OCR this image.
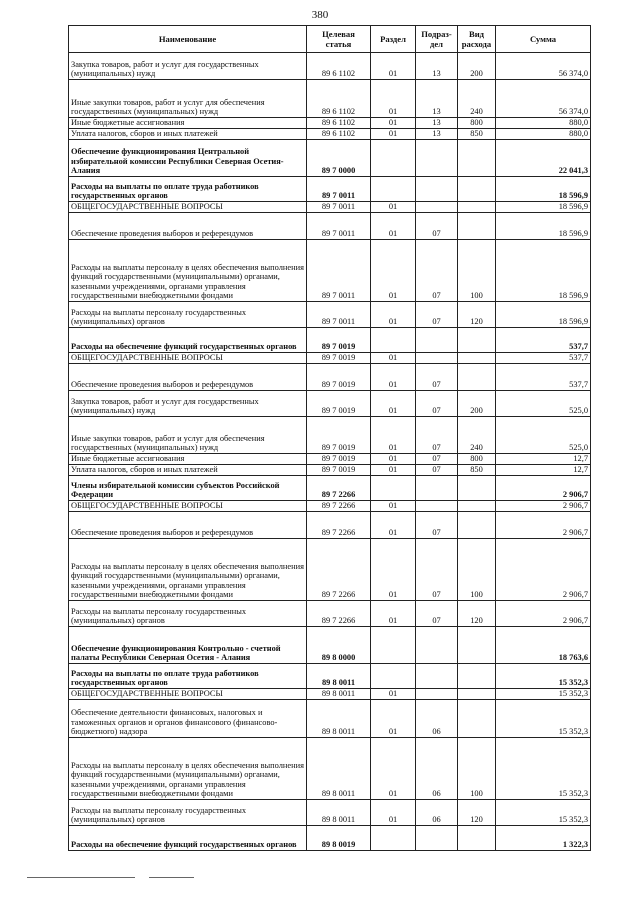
380
Наименование	Целевая статья	Раздел	Подраз-дел	Вид расхода	Сумма
Закупка товаров, работ и услуг для государственных (муниципальных) нужд	89 6 1102	01	13	200	56 374,0
Иные закупки товаров, работ и услуг для обеспечения государственных (муниципальных) нужд	89 6 1102	01	13	240	56 374,0
Иные бюджетные ассигнования	89 6 1102	01	13	800	880,0
Уплата налогов, сборов и иных платежей	89 6 1102	01	13	850	880,0
Обеспечение функционирования Центральной избирательной комиссии Республики Северная Осетия-Алания	89 7 0000				22 041,3
Расходы на выплаты по оплате труда работников государственных органов	89 7 0011				18 596,9
ОБЩЕГОСУДАРСТВЕННЫЕ ВОПРОСЫ	89 7 0011	01			18 596,9
Обеспечение проведения выборов и референдумов	89 7 0011	01	07		18 596,9
Расходы на выплаты персоналу в целях обеспечения выполнения функций государственными (муниципальными) органами, казенными учреждениями, органами управления государственными внебюджетными фондами	89 7 0011	01	07	100	18 596,9
Расходы на выплаты персоналу государственных (муниципальных) органов	89 7 0011	01	07	120	18 596,9
Расходы на обеспечение функций государственных органов	89 7 0019				537,7
ОБЩЕГОСУДАРСТВЕННЫЕ ВОПРОСЫ	89 7 0019	01			537,7
Обеспечение проведения выборов и референдумов	89 7 0019	01	07		537,7
Закупка товаров, работ и услуг для государственных (муниципальных) нужд	89 7 0019	01	07	200	525,0
Иные закупки товаров, работ и услуг для обеспечения государственных (муниципальных) нужд	89 7 0019	01	07	240	525,0
Иные бюджетные ассигнования	89 7 0019	01	07	800	12,7
Уплата налогов, сборов и иных платежей	89 7 0019	01	07	850	12,7
Члены избирательной комиссии субъектов Российской Федерации	89 7 2266				2 906,7
ОБЩЕГОСУДАРСТВЕННЫЕ ВОПРОСЫ	89 7 2266	01			2 906,7
Обеспечение проведения выборов и референдумов	89 7 2266	01	07		2 906,7
Расходы на выплаты персоналу в целях обеспечения выполнения функций государственными (муниципальными) органами, казенными учреждениями, органами управления государственными внебюджетными фондами	89 7 2266	01	07	100	2 906,7
Расходы на выплаты персоналу государственных (муниципальных) органов	89 7 2266	01	07	120	2 906,7
Обеспечение функционирования Контрольно - счетной палаты Республики Северная Осетия - Алания	89 8 0000				18 763,6
Расходы на выплаты по оплате труда работников государственных органов	89 8 0011				15 352,3
ОБЩЕГОСУДАРСТВЕННЫЕ ВОПРОСЫ	89 8 0011	01			15 352,3
Обеспечение деятельности финансовых, налоговых и таможенных органов и органов финансового (финансово-бюджетного) надзора	89 8 0011	01	06		15 352,3
Расходы на выплаты персоналу в целях обеспечения выполнения функций государственными (муниципальными) органами, казенными учреждениями, органами управления государственными внебюджетными фондами	89 8 0011	01	06	100	15 352,3
Расходы на выплаты персоналу государственных (муниципальных) органов	89 8 0011	01	06	120	15 352,3
Расходы на обеспечение функций государственных органов	89 8 0019				1 322,3
